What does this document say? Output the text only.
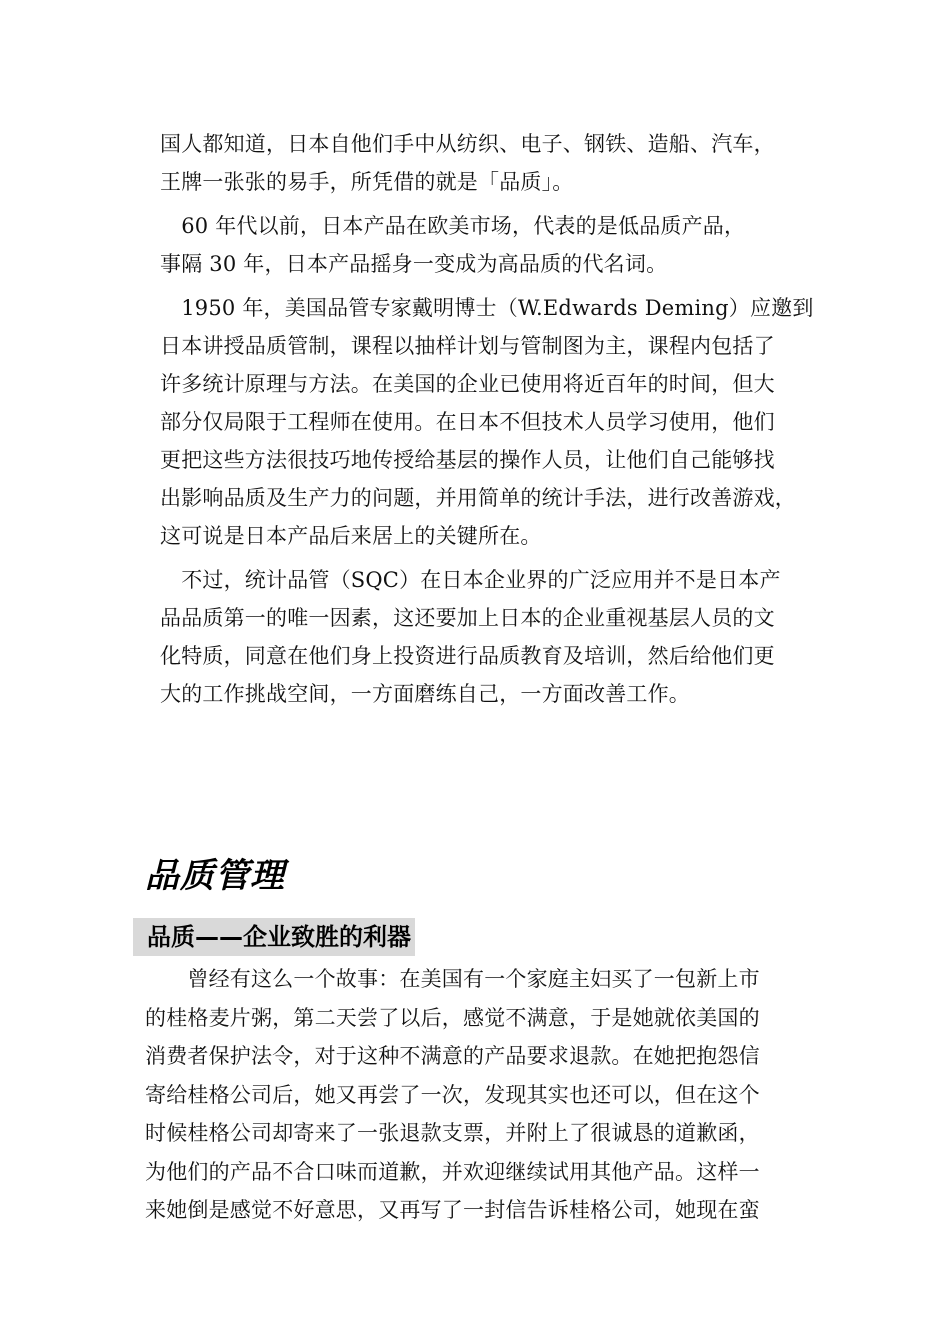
国人都知道，日本自他们手中从纺织、电子、钢铁、造船、汽车，
王牌一张张的易手，所凭借的就是「品质」。
　60 年代以前，日本产品在欧美市场，代表的是低品质产品，
事隔 30 年，日本产品摇身一变成为高品质的代名词。
　1950 年，美国品管专家戴明博士（W.Edwards Deming）应邀到
日本讲授品质管制，课程以抽样计划与管制图为主，课程内包括了
许多统计原理与方法。在美国的企业已使用将近百年的时间，但大
部分仅局限于工程师在使用。在日本不但技术人员学习使用，他们
更把这些方法很技巧地传授给基层的操作人员，让他们自己能够找
出影响品质及生产力的问题，并用简单的统计手法，进行改善游戏，
这可说是日本产品后来居上的关键所在。
　不过，统计品管（SQC）在日本企业界的广泛应用并不是日本产
品品质第一的唯一因素，这还要加上日本的企业重视基层人员的文
化特质，同意在他们身上投资进行品质教育及培训，然后给他们更
大的工作挑战空间，一方面磨练自己，一方面改善工作。
品质管理
品质——企业致胜的利器
　　曾经有这么一个故事：在美国有一个家庭主妇买了一包新上市
的桂格麦片粥，第二天尝了以后，感觉不满意，于是她就依美国的
消费者保护法令，对于这种不满意的产品要求退款。在她把抱怨信
寄给桂格公司后，她又再尝了一次，发现其实也还可以，但在这个
时候桂格公司却寄来了一张退款支票，并附上了很诚恳的道歉函，
为他们的产品不合口味而道歉，并欢迎继续试用其他产品。这样一
来她倒是感觉不好意思，又再写了一封信告诉桂格公司，她现在蛮
